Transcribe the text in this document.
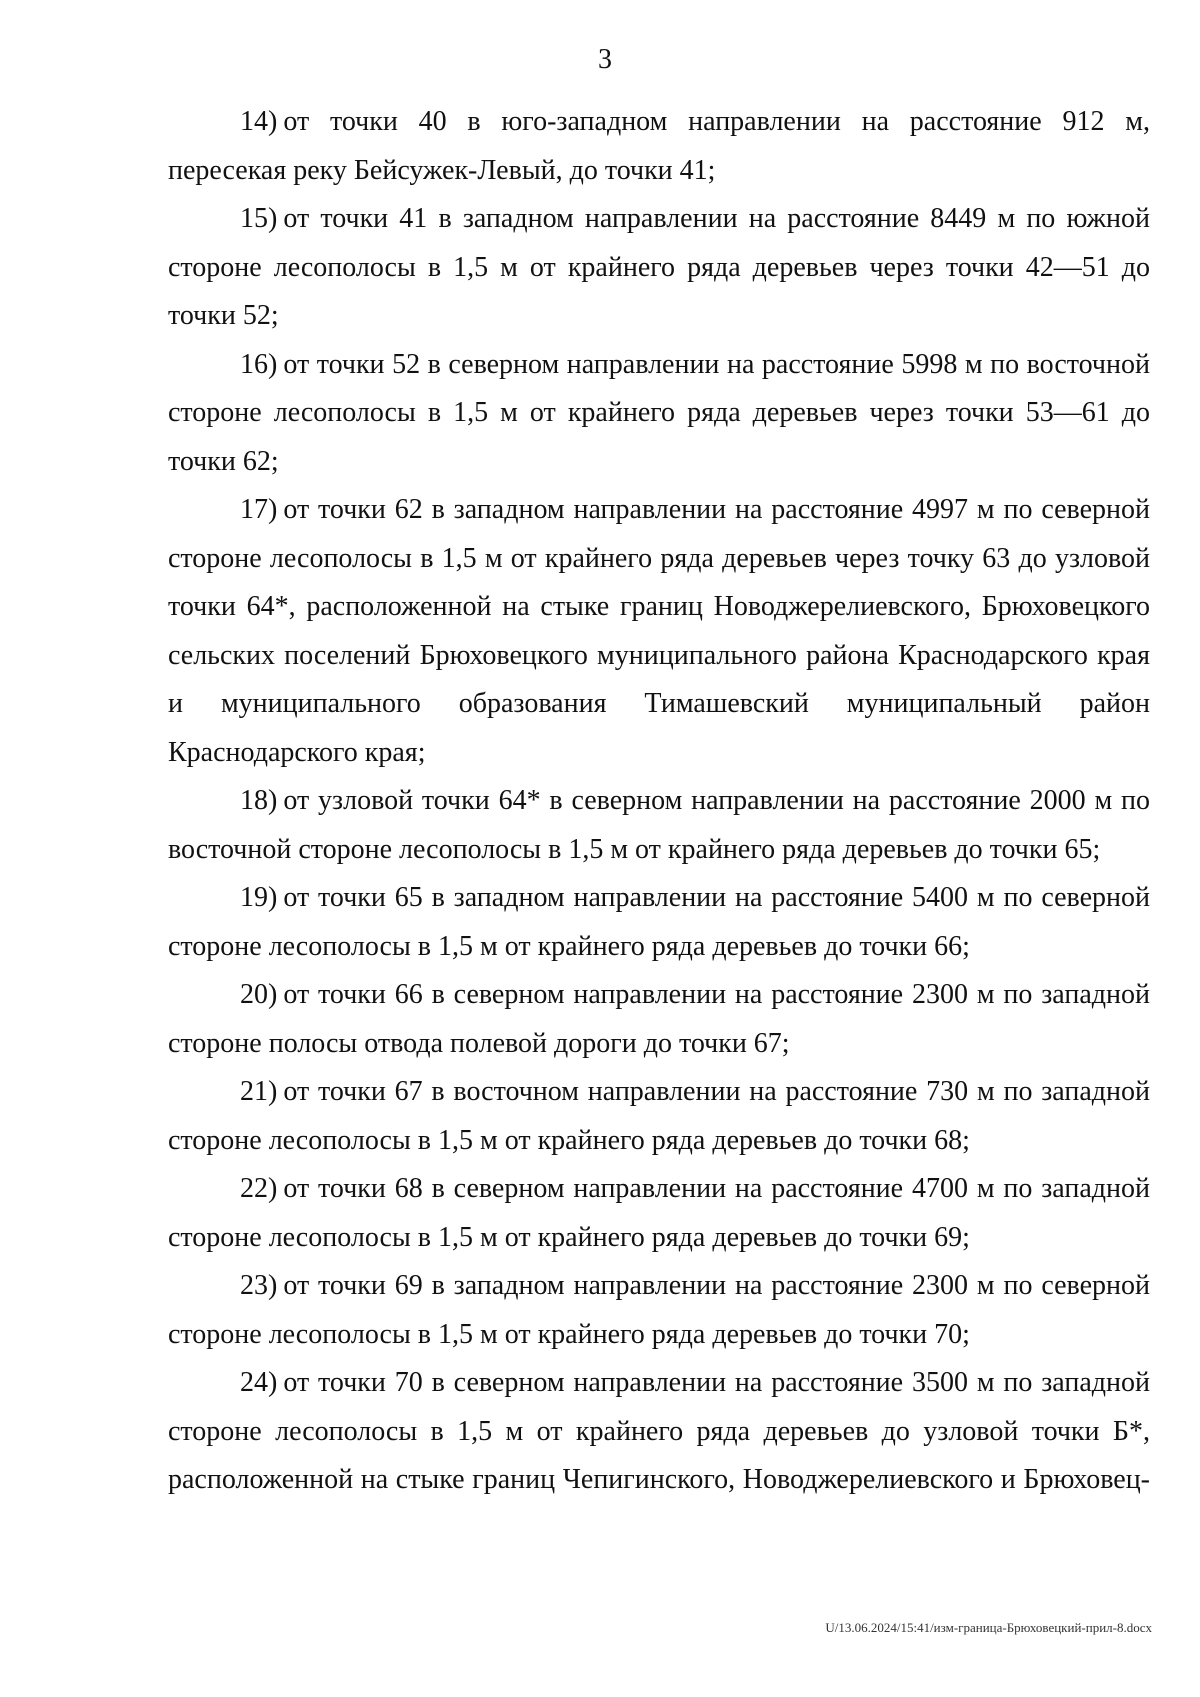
3

14) от точки 40 в юго-западном направлении на расстояние 912 м, пересекая реку Бейсужек-Левый, до точки 41;

15) от точки 41 в западном направлении на расстояние 8449 м по южной стороне лесополосы в 1,5 м от крайнего ряда деревьев через точки 42—51 до точки 52;

16) от точки 52 в северном направлении на расстояние 5998 м по восточной стороне лесополосы в 1,5 м от крайнего ряда деревьев через точки 53—61 до точки 62;

17) от точки 62 в западном направлении на расстояние 4997 м по северной стороне лесополосы в 1,5 м от крайнего ряда деревьев через точку 63 до узловой точки 64*, расположенной на стыке границ Новоджерелиевского, Брюховецкого сельских поселений Брюховецкого муниципального района Краснодарского края и муниципального образования Тимашевский муниципальный район Краснодарского края;

18) от узловой точки 64* в северном направлении на расстояние 2000 м по восточной стороне лесополосы в 1,5 м от крайнего ряда деревьев до точки 65;

19) от точки 65 в западном направлении на расстояние 5400 м по северной стороне лесополосы в 1,5 м от крайнего ряда деревьев до точки 66;

20) от точки 66 в северном направлении на расстояние 2300 м по западной стороне полосы отвода полевой дороги до точки 67;

21) от точки 67 в восточном направлении на расстояние 730 м по западной стороне лесополосы в 1,5 м от крайнего ряда деревьев до точки 68;

22) от точки 68 в северном направлении на расстояние 4700 м по западной стороне лесополосы в 1,5 м от крайнего ряда деревьев до точки 69;

23) от точки 69 в западном направлении на расстояние 2300 м по северной стороне лесополосы в 1,5 м от крайнего ряда деревьев до точки 70;

24) от точки 70 в северном направлении на расстояние 3500 м по западной стороне лесополосы в 1,5 м от крайнего ряда деревьев до узловой точки Б*, расположенной на стыке границ Чепигинского, Новоджерелиевского и Брюховец-

U/13.06.2024/15:41/изм-граница-Брюховецкий-прил-8.docx
